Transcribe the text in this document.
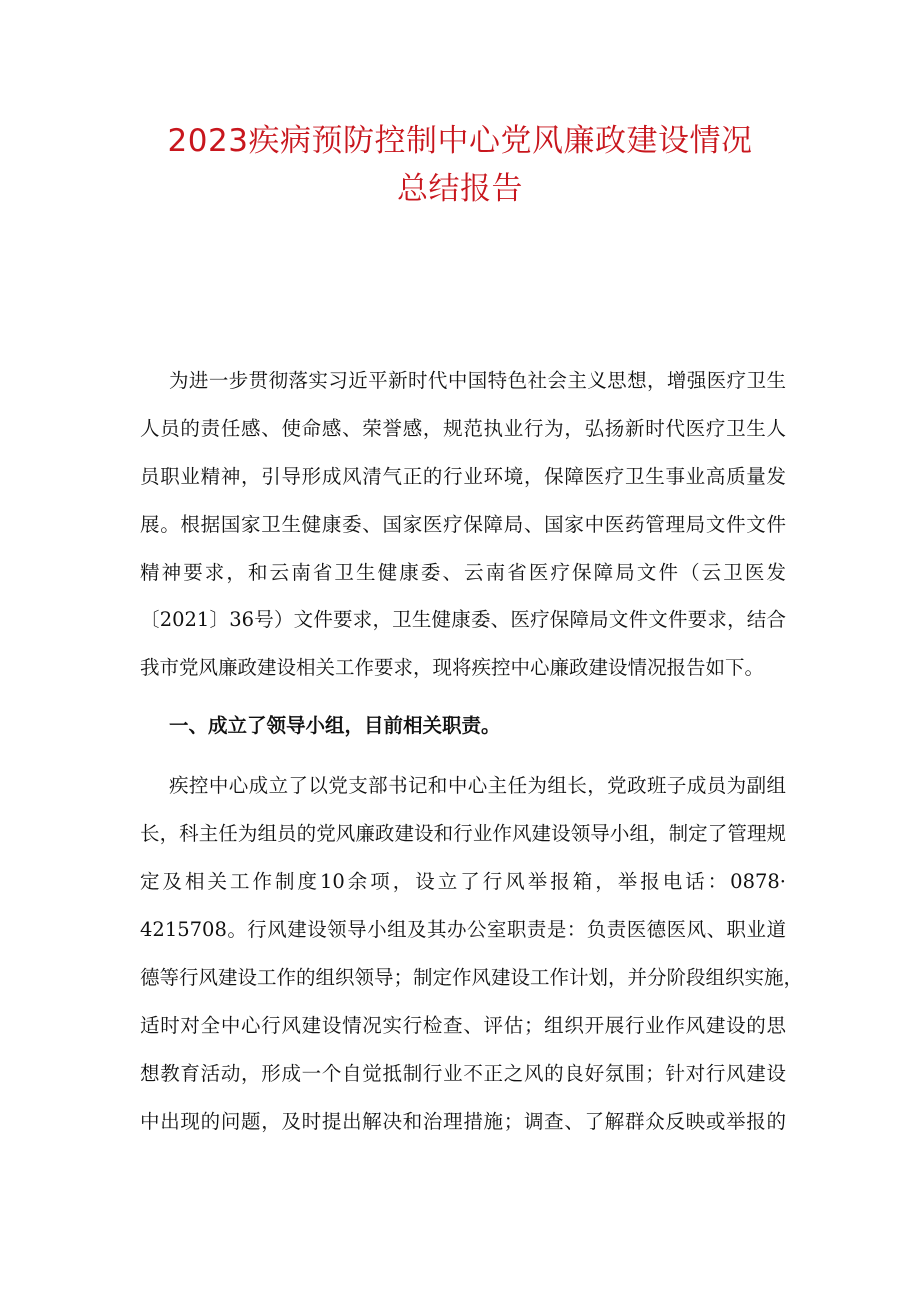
2023疾病预防控制中心党风廉政建设情况
总结报告
为进一步贯彻落实习近平新时代中国特色社会主义思想，增强医疗卫生
人员的责任感、使命感、荣誉感，规范执业行为，弘扬新时代医疗卫生人
员职业精神，引导形成风清气正的行业环境，保障医疗卫生事业高质量发
展。根据国家卫生健康委、国家医疗保障局、国家中医药管理局文件文件
精神要求，和云南省卫生健康委、云南省医疗保障局文件（云卫医发
〔2021〕36号）文件要求，卫生健康委、医疗保障局文件文件要求，结合
我市党风廉政建设相关工作要求，现将疾控中心廉政建设情况报告如下。
一、成立了领导小组，目前相关职责。
疾控中心成立了以党支部书记和中心主任为组长，党政班子成员为副组
长，科主任为组员的党风廉政建设和行业作风建设领导小组，制定了管理规
定及相关工作制度10余项，设立了行风举报箱，举报电话：0878·
4215708。行风建设领导小组及其办公室职责是：负责医德医风、职业道
德等行风建设工作的组织领导；制定作风建设工作计划，并分阶段组织实施，
适时对全中心行风建设情况实行检查、评估；组织开展行业作风建设的思
想教育活动，形成一个自觉抵制行业不正之风的良好氛围；针对行风建设
中出现的问题，及时提出解决和治理措施；调查、了解群众反映或举报的
